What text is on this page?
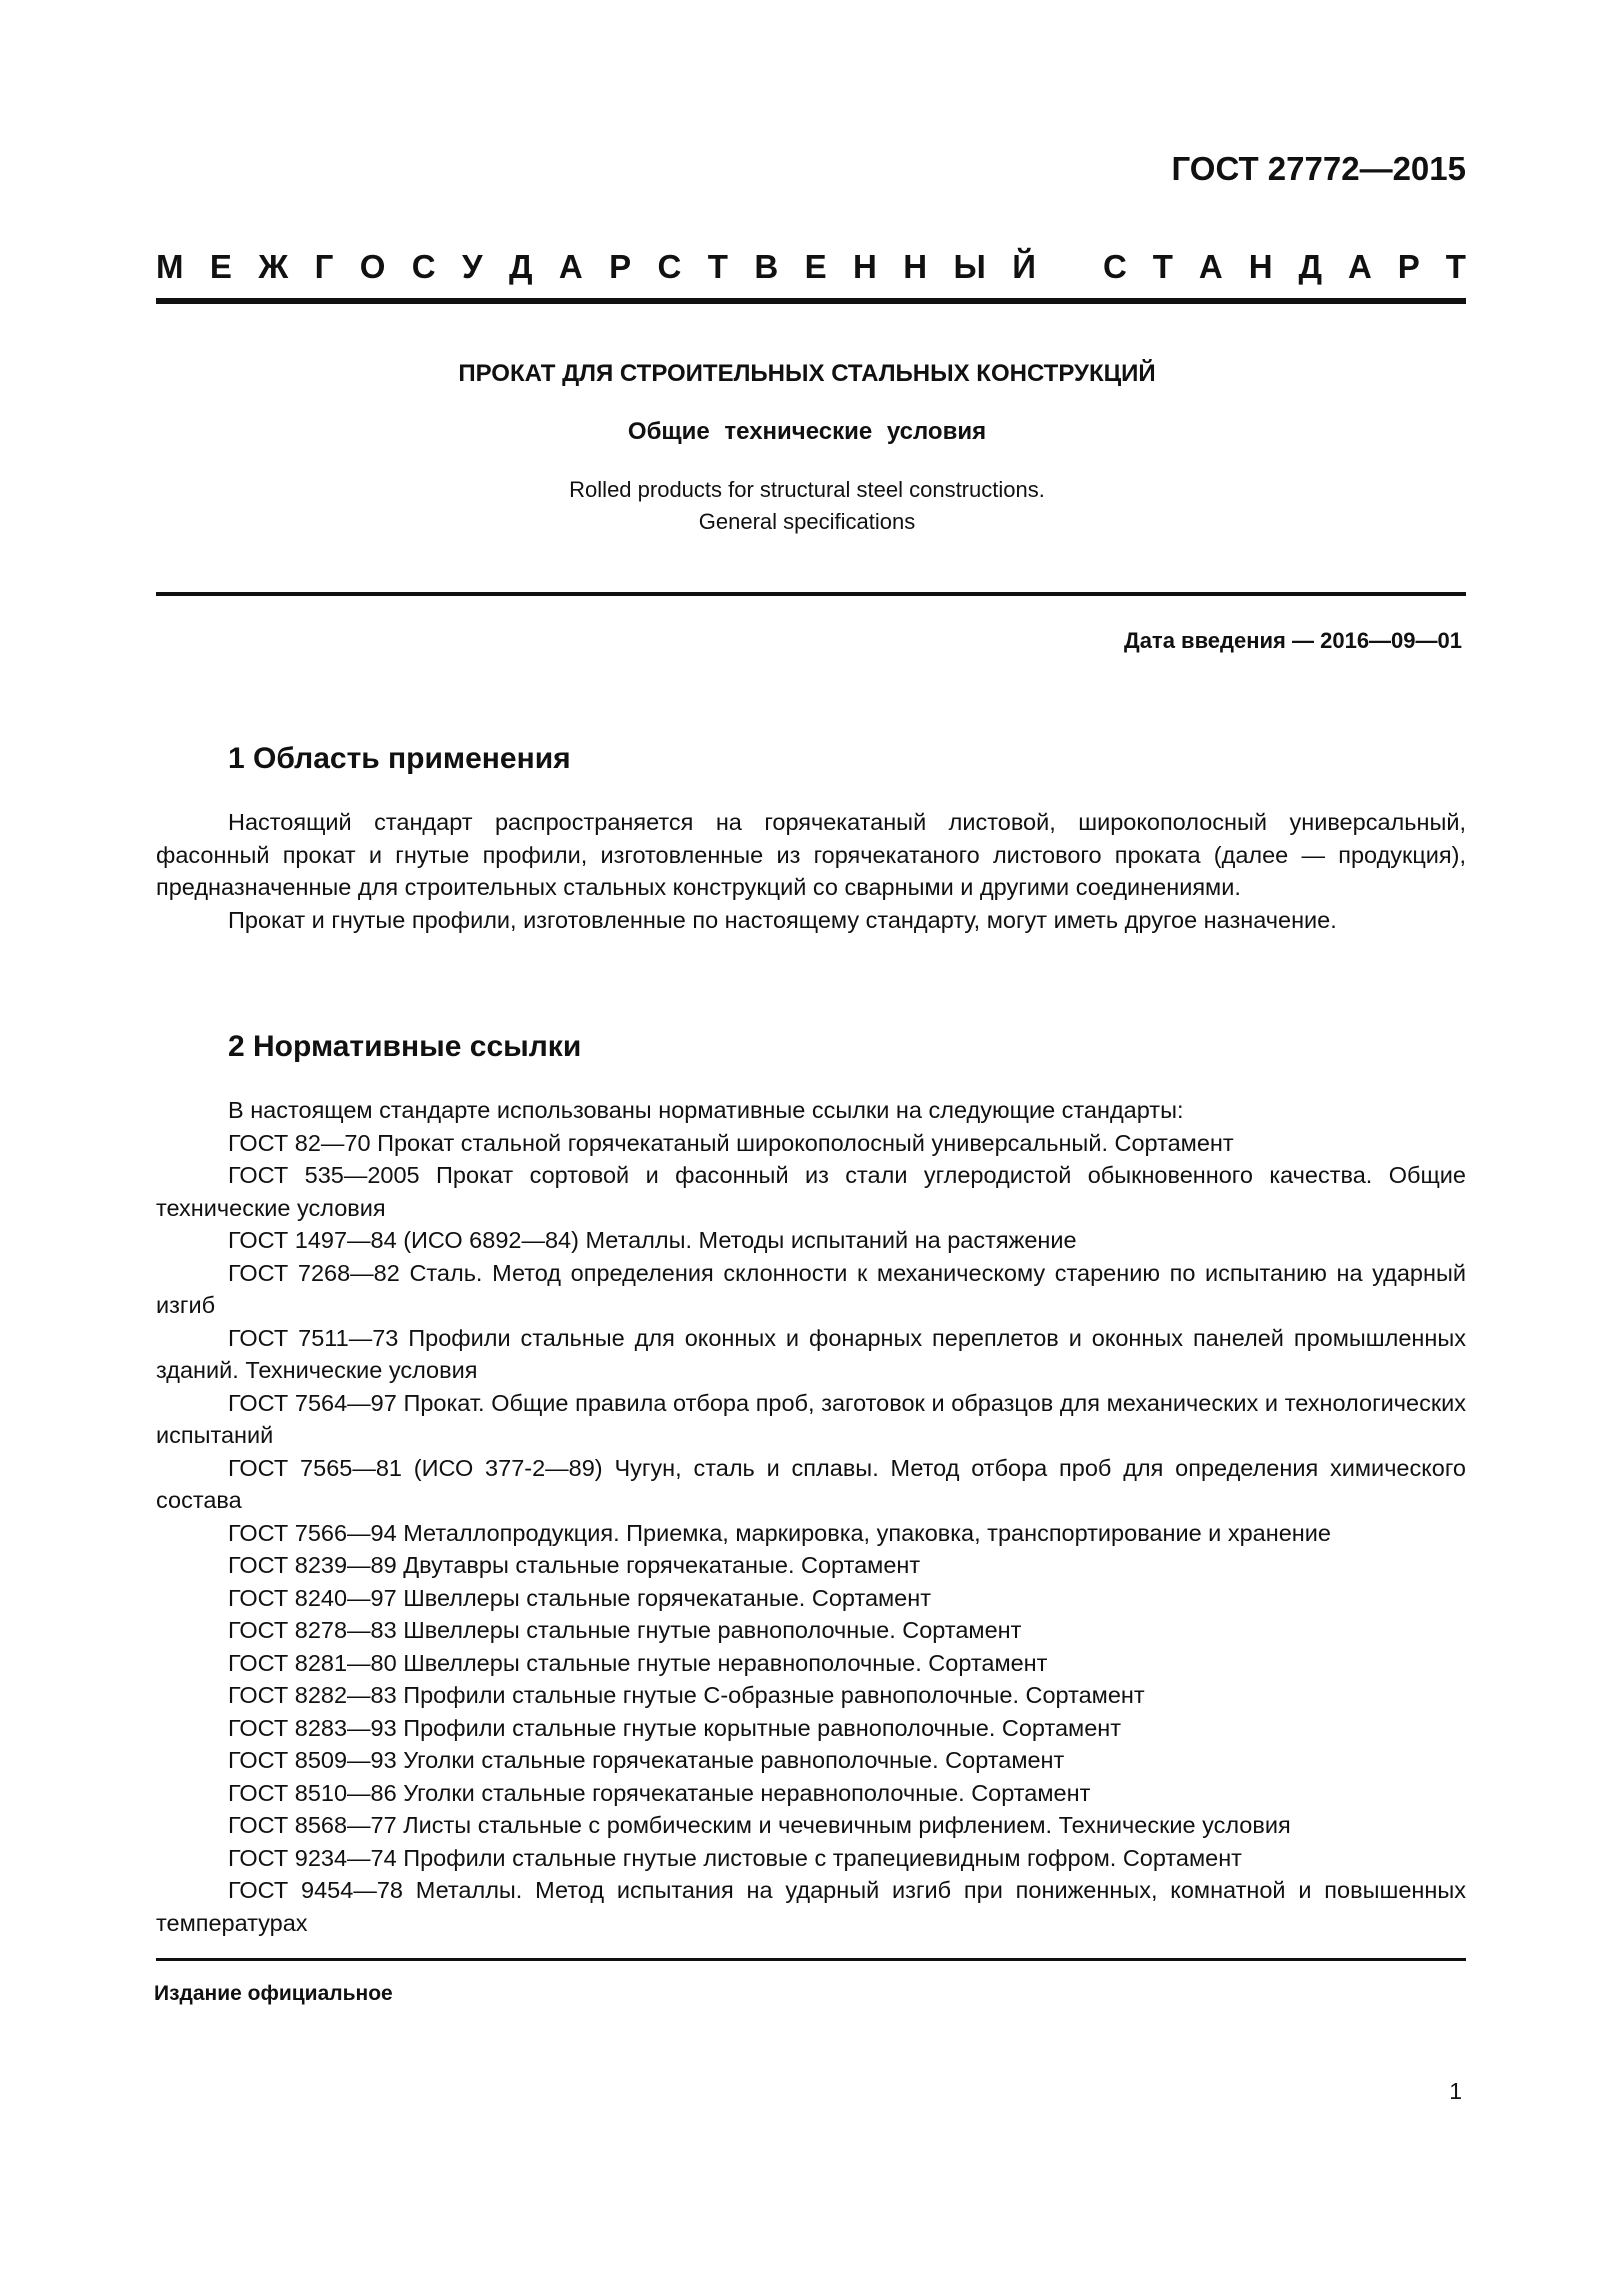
ГОСТ 27772—2015
М Е Ж Г О С У Д А Р С Т В Е Н Н Ы Й С Т А Н Д А Р Т
ПРОКАТ ДЛЯ СТРОИТЕЛЬНЫХ СТАЛЬНЫХ КОНСТРУКЦИЙ
Общие технические условия
Rolled products for structural steel constructions.
General specifications
Дата введения — 2016—09—01
1 Область применения

Настоящий стандарт распространяется на горячекатаный листовой, широкополосный универсальный, фасонный прокат и гнутые профили, изготовленные из горячекатаного листового проката (далее — продукция), предназначенные для строительных стальных конструкций со сварными и другими соединениями.

Прокат и гнутые профили, изготовленные по настоящему стандарту, могут иметь другое назначение.

2 Нормативные ссылки

В настоящем стандарте использованы нормативные ссылки на следующие стандарты:

ГОСТ 82—70 Прокат стальной горячекатаный широкополосный универсальный. Сортамент

ГОСТ 535—2005 Прокат сортовой и фасонный из стали углеродистой обыкновенного качества. Общие технические условия

ГОСТ 1497—84 (ИСО 6892—84) Металлы. Методы испытаний на растяжение

ГОСТ 7268—82 Сталь. Метод определения склонности к механическому старению по испытанию на ударный изгиб

ГОСТ 7511—73 Профили стальные для оконных и фонарных переплетов и оконных панелей промышленных зданий. Технические условия

ГОСТ 7564—97 Прокат. Общие правила отбора проб, заготовок и образцов для механических и технологических испытаний

ГОСТ 7565—81 (ИСО 377-2—89) Чугун, сталь и сплавы. Метод отбора проб для определения химического состава

ГОСТ 7566—94 Металлопродукция. Приемка, маркировка, упаковка, транспортирование и хранение

ГОСТ 8239—89 Двутавры стальные горячекатаные. Сортамент

ГОСТ 8240—97 Швеллеры стальные горячекатаные. Сортамент

ГОСТ 8278—83 Швеллеры стальные гнутые равнополочные. Сортамент

ГОСТ 8281—80 Швеллеры стальные гнутые неравнополочные. Сортамент

ГОСТ 8282—83 Профили стальные гнутые С-образные равнополочные. Сортамент

ГОСТ 8283—93 Профили стальные гнутые корытные равнополочные. Сортамент

ГОСТ 8509—93 Уголки стальные горячекатаные равнополочные. Сортамент

ГОСТ 8510—86 Уголки стальные горячекатаные неравнополочные. Сортамент

ГОСТ 8568—77 Листы стальные с ромбическим и чечевичным рифлением. Технические условия

ГОСТ 9234—74 Профили стальные гнутые листовые с трапециевидным гофром. Сортамент

ГОСТ 9454—78 Металлы. Метод испытания на ударный изгиб при пониженных, комнатной и повышенных температурах

Издание официальное
1
